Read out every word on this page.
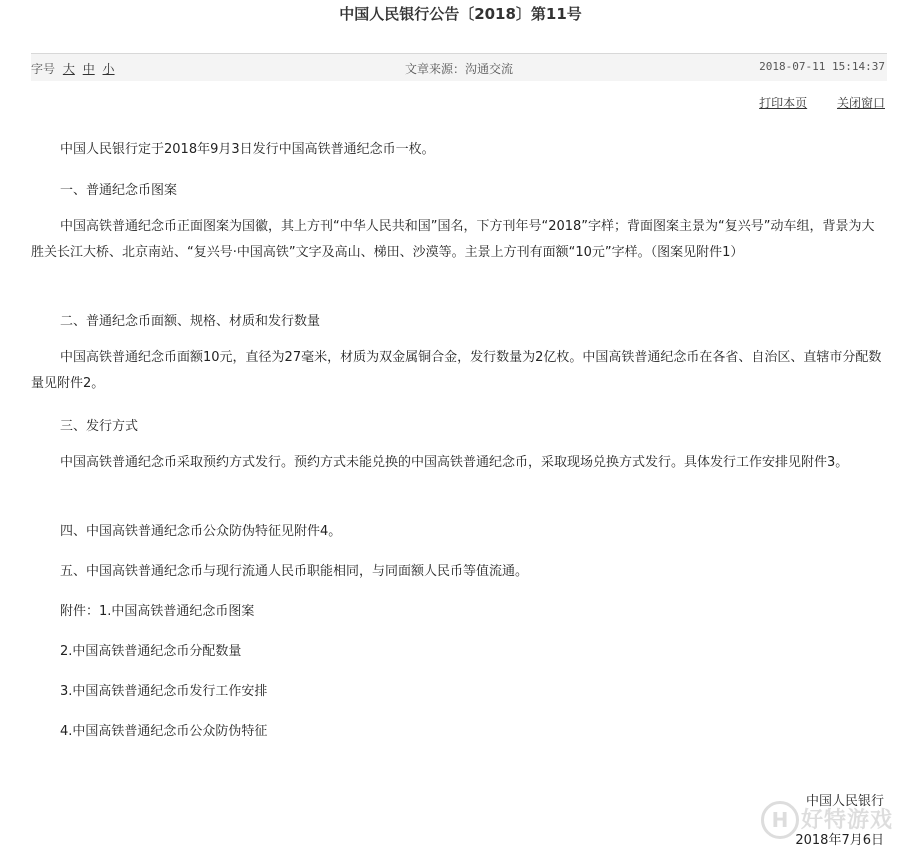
中国人民银行公告〔2018〕第11号
字号 大 中 小	文章来源：沟通交流	2018-07-11 15:14:37
打印本页 关闭窗口
中国人民银行定于2018年9月3日发行中国高铁普通纪念币一枚。
一、普通纪念币图案
中国高铁普通纪念币正面图案为国徽，其上方刊“中华人民共和国”国名，下方刊年号“2018”字样；背面图案主景为“复兴号”动车组，背景为大胜关长江大桥、北京南站、“复兴号·中国高铁”文字及高山、梯田、沙漠等。主景上方刊有面额“10元”字样。（图案见附件1）
二、普通纪念币面额、规格、材质和发行数量
中国高铁普通纪念币面额10元，直径为27毫米，材质为双金属铜合金，发行数量为2亿枚。中国高铁普通纪念币在各省、自治区、直辖市分配数量见附件2。
三、发行方式
中国高铁普通纪念币采取预约方式发行。预约方式未能兑换的中国高铁普通纪念币，采取现场兑换方式发行。具体发行工作安排见附件3。
四、中国高铁普通纪念币公众防伪特征见附件4。
五、中国高铁普通纪念币与现行流通人民币职能相同，与同面额人民币等值流通。
附件：1.中国高铁普通纪念币图案
2.中国高铁普通纪念币分配数量
3.中国高铁普通纪念币发行工作安排
4.中国高铁普通纪念币公众防伪特征
中国人民银行
2018年7月6日
H 好特游戏
